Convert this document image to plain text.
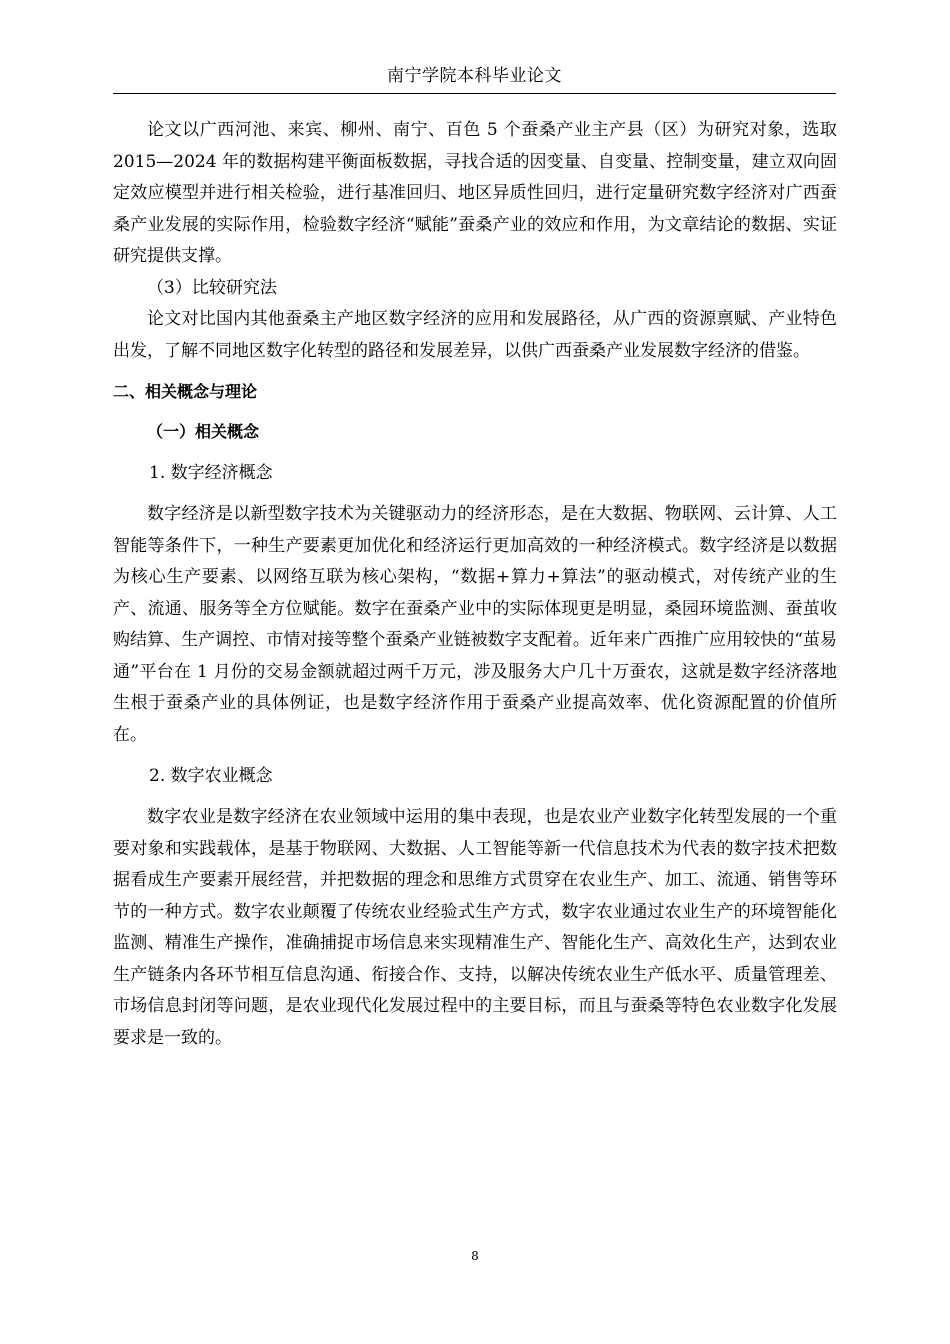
南宁学院本科毕业论文

论文以广西河池、来宾、柳州、南宁、百色 5 个蚕桑产业主产县（区）为研究对象，选取 2015—2024 年的数据构建平衡面板数据，寻找合适的因变量、自变量、控制变量，建立双向固定效应模型并进行相关检验，进行基准回归、地区异质性回归，进行定量研究数字经济对广西蚕桑产业发展的实际作用，检验数字经济“赋能”蚕桑产业的效应和作用，为文章结论的数据、实证研究提供支撑。

（3）比较研究法

论文对比国内其他蚕桑主产地区数字经济的应用和发展路径，从广西的资源禀赋、产业特色出发，了解不同地区数字化转型的路径和发展差异，以供广西蚕桑产业发展数字经济的借鉴。

二、相关概念与理论

（一）相关概念

1. 数字经济概念

数字经济是以新型数字技术为关键驱动力的经济形态，是在大数据、物联网、云计算、人工智能等条件下，一种生产要素更加优化和经济运行更加高效的一种经济模式。数字经济是以数据为核心生产要素、以网络互联为核心架构，“数据+算力+算法”的驱动模式，对传统产业的生产、流通、服务等全方位赋能。数字在蚕桑产业中的实际体现更是明显，桑园环境监测、蚕茧收购结算、生产调控、市情对接等整个蚕桑产业链被数字支配着。近年来广西推广应用较快的“茧易通”平台在 1 月份的交易金额就超过两千万元，涉及服务大户几十万蚕农，这就是数字经济落地生根于蚕桑产业的具体例证，也是数字经济作用于蚕桑产业提高效率、优化资源配置的价值所在。

2. 数字农业概念

数字农业是数字经济在农业领域中运用的集中表现，也是农业产业数字化转型发展的一个重要对象和实践载体，是基于物联网、大数据、人工智能等新一代信息技术为代表的数字技术把数据看成生产要素开展经营，并把数据的理念和思维方式贯穿在农业生产、加工、流通、销售等环节的一种方式。数字农业颠覆了传统农业经验式生产方式，数字农业通过农业生产的环境智能化监测、精准生产操作，准确捕捉市场信息来实现精准生产、智能化生产、高效化生产，达到农业生产链条内各环节相互信息沟通、衔接合作、支持，以解决传统农业生产低水平、质量管理差、市场信息封闭等问题，是农业现代化发展过程中的主要目标，而且与蚕桑等特色农业数字化发展要求是一致的。

8
